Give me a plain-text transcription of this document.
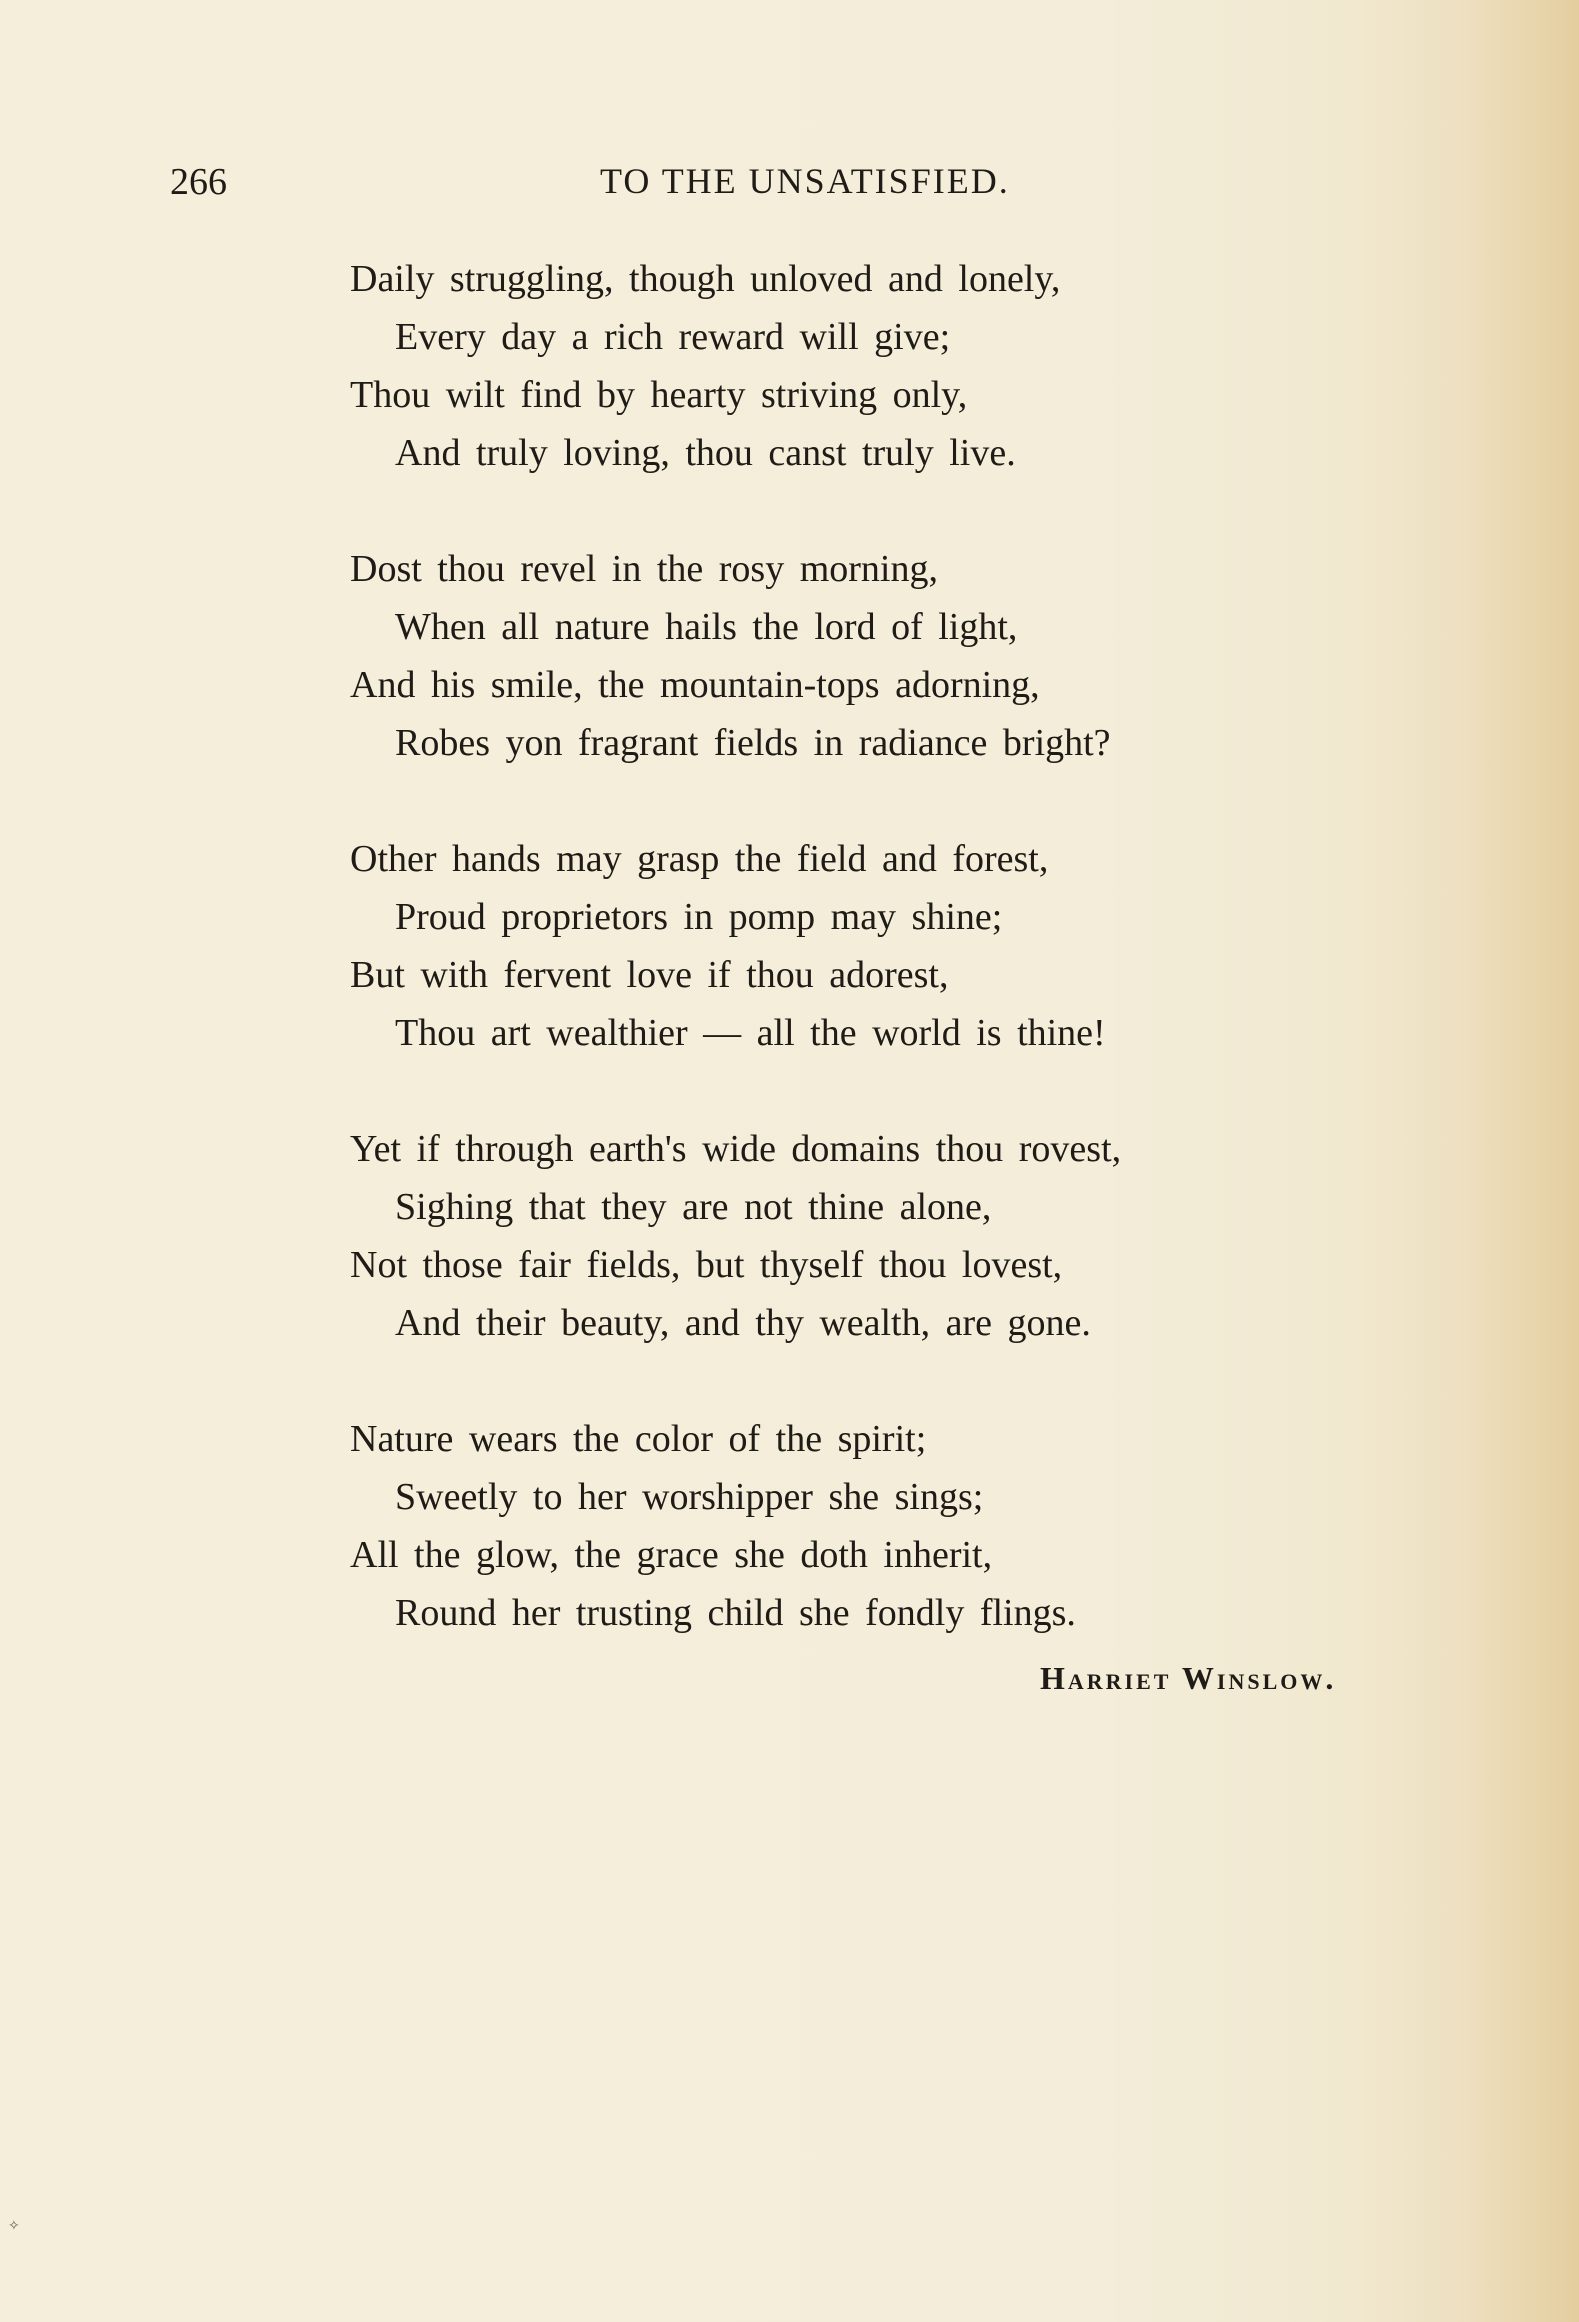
266	TO THE UNSATISFIED.
Daily struggling, though unloved and lonely,
Every day a rich reward will give;
Thou wilt find by hearty striving only,
And truly loving, thou canst truly live.
Dost thou revel in the rosy morning,
When all nature hails the lord of light,
And his smile, the mountain-tops adorning,
Robes yon fragrant fields in radiance bright?
Other hands may grasp the field and forest,
Proud proprietors in pomp may shine;
But with fervent love if thou adorest,
Thou art wealthier — all the world is thine!
Yet if through earth's wide domains thou rovest,
Sighing that they are not thine alone,
Not those fair fields, but thyself thou lovest,
And their beauty, and thy wealth, are gone.
Nature wears the color of the spirit;
Sweetly to her worshipper she sings;
All the glow, the grace she doth inherit,
Round her trusting child she fondly flings.
Harriet Winslow.
✧
